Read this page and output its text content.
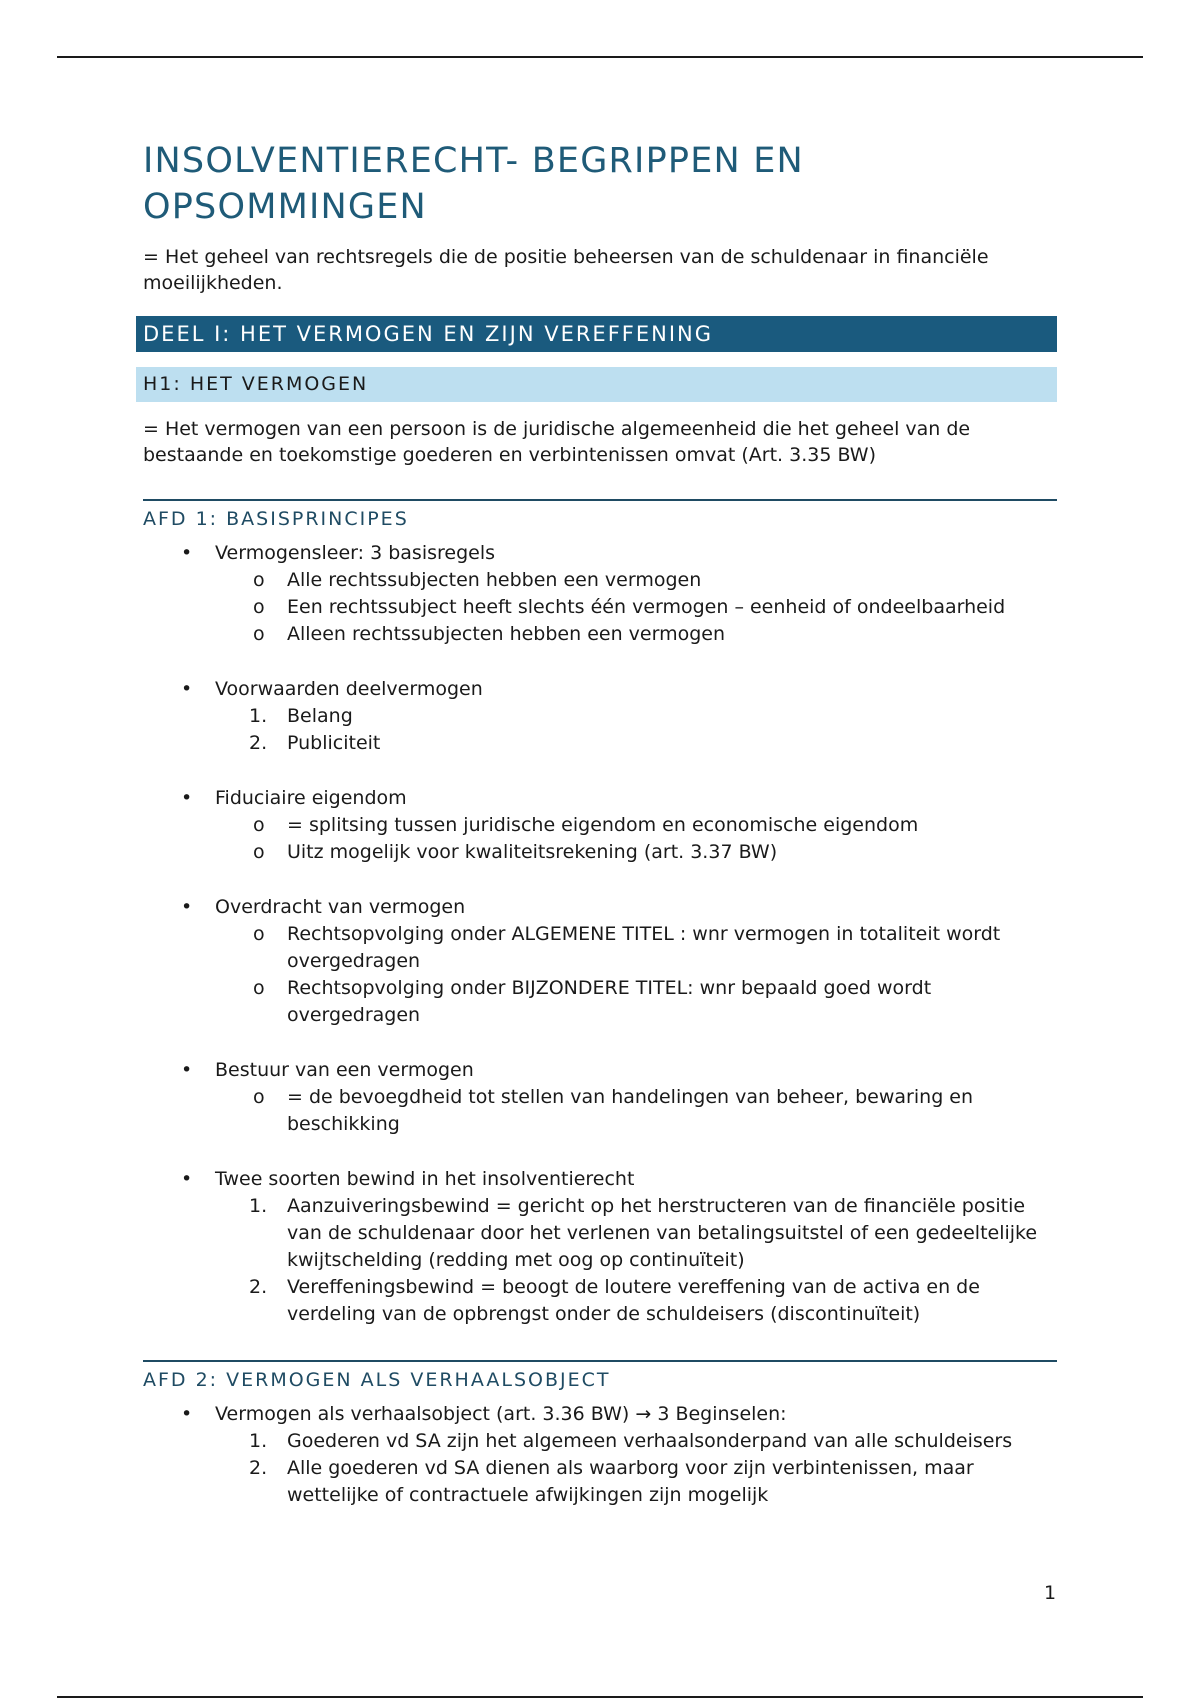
INSOLVENTIERECHT- BEGRIPPEN EN OPSOMMINGEN

= Het geheel van rechtsregels die de positie beheersen van de schuldenaar in financiële moeilijkheden.

DEEL I: HET VERMOGEN EN ZIJN VEREFFENING
H1: HET VERMOGEN

= Het vermogen van een persoon is de juridische algemeenheid die het geheel van de bestaande en toekomstige goederen en verbintenissen omvat (Art. 3.35 BW)

AFD 1: BASISPRINCIPES
• Vermogensleer: 3 basisregels
o Alle rechtssubjecten hebben een vermogen
o Een rechtssubject heeft slechts één vermogen – eenheid of ondeelbaarheid
o Alleen rechtssubjecten hebben een vermogen
• Voorwaarden deelvermogen
1. Belang
2. Publiciteit
• Fiduciaire eigendom
o = splitsing tussen juridische eigendom en economische eigendom
o Uitz mogelijk voor kwaliteitsrekening (art. 3.37 BW)
• Overdracht van vermogen
o Rechtsopvolging onder ALGEMENE TITEL : wnr vermogen in totaliteit wordt overgedragen
o Rechtsopvolging onder BIJZONDERE TITEL: wnr bepaald goed wordt overgedragen
• Bestuur van een vermogen
o = de bevoegdheid tot stellen van handelingen van beheer, bewaring en beschikking
• Twee soorten bewind in het insolventierecht
1. Aanzuiveringsbewind = gericht op het herstructeren van de financiële positie van de schuldenaar door het verlenen van betalingsuitstel of een gedeeltelijke kwijtschelding (redding met oog op continuïteit)
2. Vereffeningsbewind = beoogt de loutere vereffening van de activa en de verdeling van de opbrengst onder de schuldeisers (discontinuïteit)
AFD 2: VERMOGEN ALS VERHAALSOBJECT
• Vermogen als verhaalsobject (art. 3.36 BW) → 3 Beginselen:
1. Goederen vd SA zijn het algemeen verhaalsonderpand van alle schuldeisers
2. Alle goederen vd SA dienen als waarborg voor zijn verbintenissen, maar wettelijke of contractuele afwijkingen zijn mogelijk
1
